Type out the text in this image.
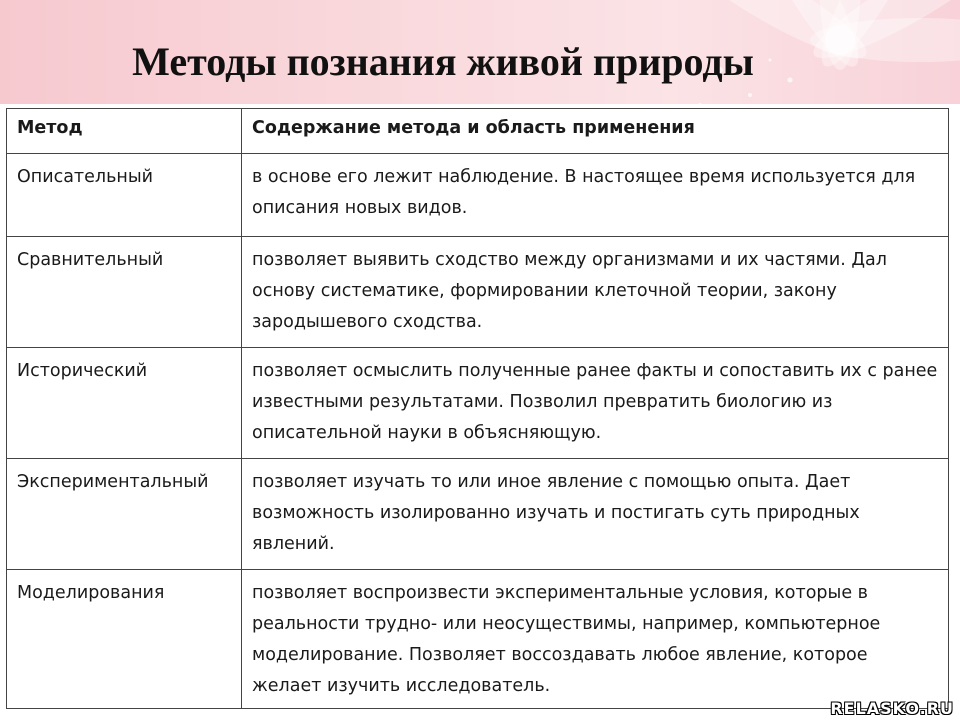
Методы познания живой природы
Метод	Содержание метода и область применения
Описательный	в основе его лежит наблюдение. В настоящее время используется для описания новых видов.
Сравнительный	позволяет выявить сходство между организмами и их частями. Дал основу систематике, формировании клеточной теории, закону зародышевого сходства.
Исторический	позволяет осмыслить полученные ранее факты и сопоставить их с ранее известными результатами. Позволил превратить биологию из описательной науки в объясняющую.
Экспериментальный	позволяет изучать то или иное явление с помощью опыта. Дает возможность изолированно изучать и постигать суть природных явлений.
Моделирования	позволяет воспроизвести экспериментальные условия, которые в реальности трудно- или неосуществимы, например, компьютерное моделирование. Позволяет воссоздавать любое явление, которое желает изучить исследователь.
RELASKO.RU
